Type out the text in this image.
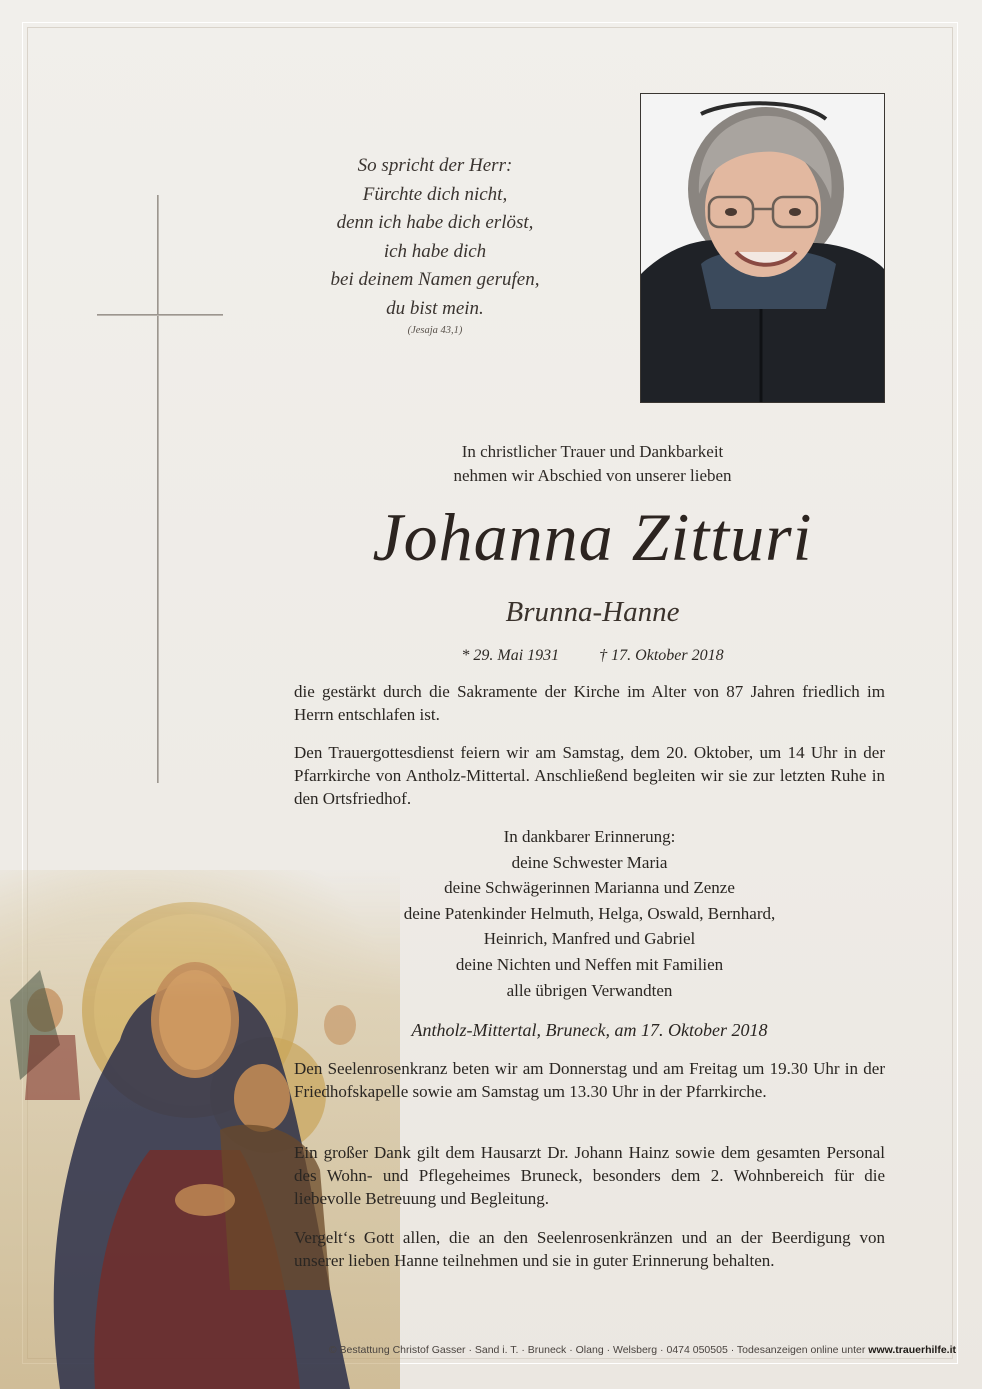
So spricht der Herr:
Fürchte dich nicht,
denn ich habe dich erlöst,
ich habe dich
bei deinem Namen gerufen,
du bist mein.
(Jesaja 43,1)
In christlicher Trauer und Dankbarkeit
nehmen wir Abschied von unserer lieben
Johanna Zitturi
Brunna-Hanne
* 29. Mai 1931	† 17. Oktober 2018
die gestärkt durch die Sakramente der Kirche im Alter von 87 Jahren friedlich im Herrn entschlafen ist.
Den Trauergottesdienst feiern wir am Samstag, dem 20. Oktober, um 14 Uhr in der Pfarrkirche von Antholz-Mittertal. Anschließend begleiten wir sie zur letzten Ruhe in den Ortsfriedhof.
In dankbarer Erinnerung:
deine Schwester Maria
deine Schwägerinnen Marianna und Zenze
deine Patenkinder Helmuth, Helga, Oswald, Bernhard,
Heinrich, Manfred und Gabriel
deine Nichten und Neffen mit Familien
alle übrigen Verwandten
Antholz-Mittertal, Bruneck, am 17. Oktober 2018
Den Seelenrosenkranz beten wir am Donnerstag und am Freitag um 19.30 Uhr in der Friedhofskapelle sowie am Samstag um 13.30 Uhr in der Pfarrkirche.
Ein großer Dank gilt dem Hausarzt Dr. Johann Hainz sowie dem gesamten Personal des Wohn- und Pflegeheimes Bruneck, besonders dem 2. Wohnbereich für die liebevolle Betreuung und Begleitung.
Vergelt‘s Gott allen, die an den Seelenrosenkränzen und an der Beerdigung von unserer lieben Hanne teilnehmen und sie in guter Erinnerung behalten.
© Bestattung Christof Gasser · Sand i. T. · Bruneck · Olang · Welsberg · 0474 050505 · Todesanzeigen online unter www.trauerhilfe.it
